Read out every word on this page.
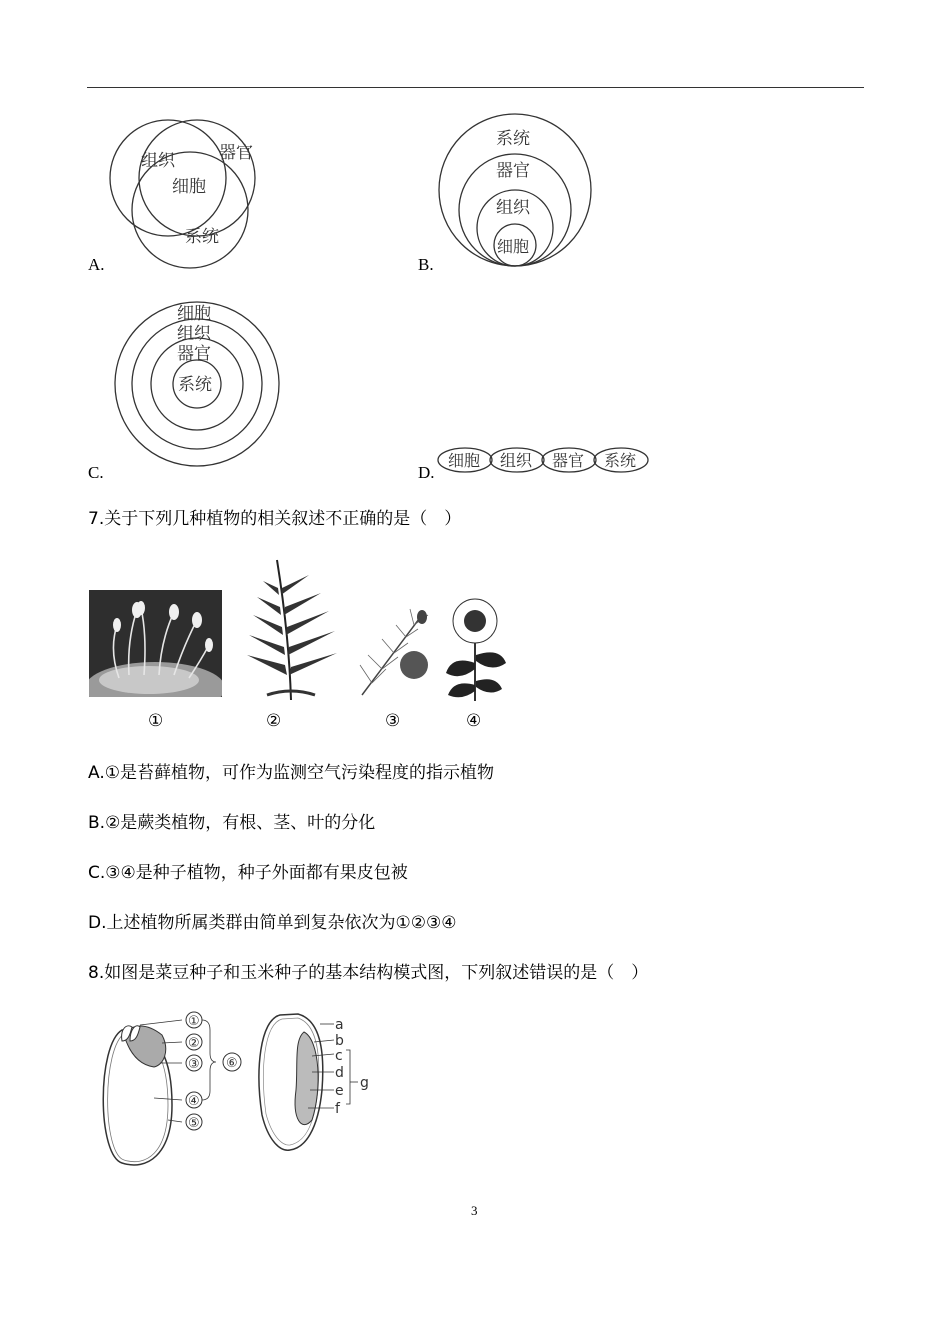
组织	器官
细胞
系统
A.
系统
器官
组织
细胞
B.
细胞
组织
器官
系统
C.
细胞 组织 器官 系统
D.
7.关于下列几种植物的相关叙述不正确的是（　）
①	②	③	④
A.①是苔藓植物，可作为监测空气污染程度的指示植物
B.②是蕨类植物，有根、茎、叶的分化
C.③④是种子植物，种子外面都有果皮包被
D.上述植物所属类群由简单到复杂依次为①②③④
8.如图是菜豆种子和玉米种子的基本结构模式图，下列叙述错误的是（　）
①
②
③
④
⑤
⑥
a
b
c
d
e
f
g
3
